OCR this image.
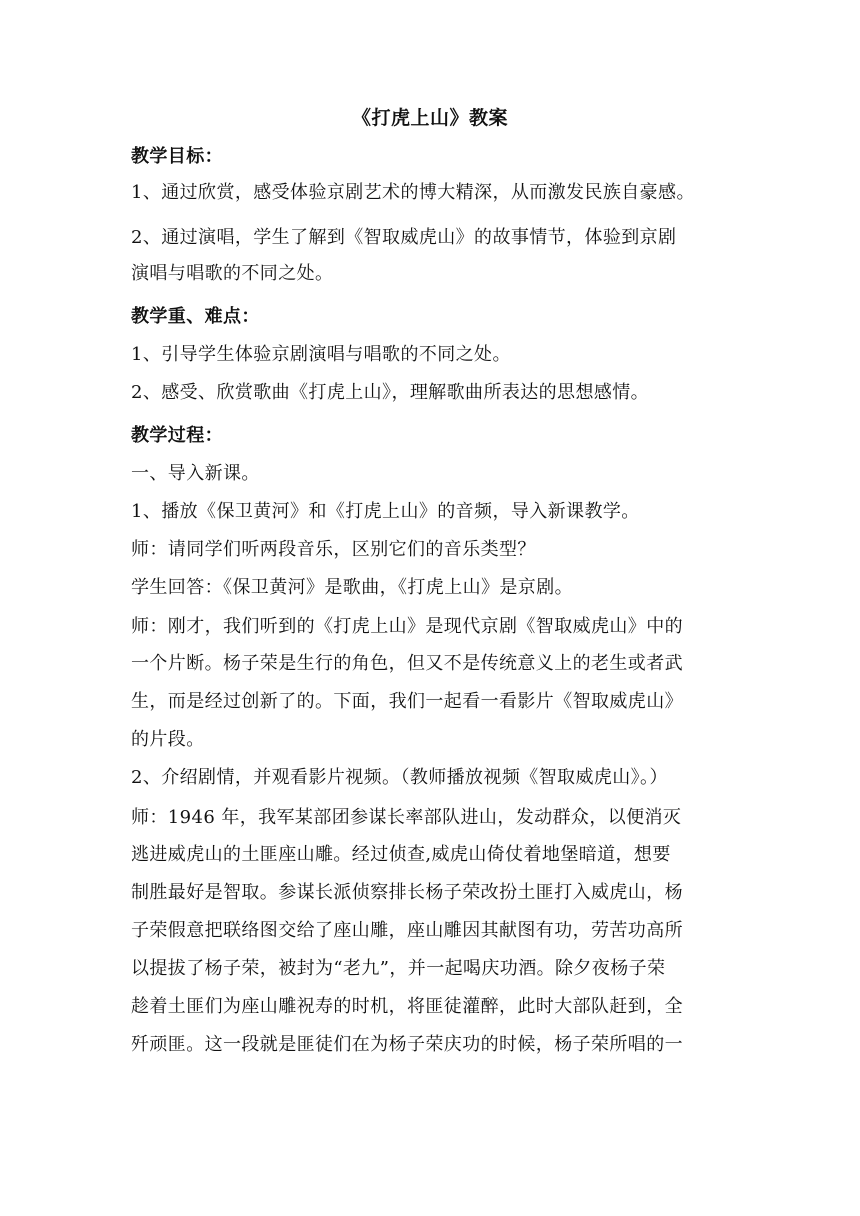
《打虎上山》教案
教学目标：
1、通过欣赏，感受体验京剧艺术的博大精深，从而激发民族自豪感。
2、通过演唱，学生了解到《智取威虎山》的故事情节，体验到京剧
演唱与唱歌的不同之处。
教学重、难点：
1、引导学生体验京剧演唱与唱歌的不同之处。
2、感受、欣赏歌曲《打虎上山》，理解歌曲所表达的思想感情。
教学过程：
一、导入新课。
1、播放《保卫黄河》和《打虎上山》的音频，导入新课教学。
师：请同学们听两段音乐，区别它们的音乐类型？
学生回答：《保卫黄河》是歌曲，《打虎上山》是京剧。
师：刚才，我们听到的《打虎上山》是现代京剧《智取威虎山》中的
一个片断。杨子荣是生行的角色，但又不是传统意义上的老生或者武
生，而是经过创新了的。下面，我们一起看一看影片《智取威虎山》
的片段。
2、介绍剧情，并观看影片视频。（教师播放视频《智取威虎山》。）
师：1946 年，我军某部团参谋长率部队进山，发动群众，以便消灭
逃进威虎山的土匪座山雕。经过侦查,威虎山倚仗着地堡暗道，想要
制胜最好是智取。参谋长派侦察排长杨子荣改扮土匪打入威虎山，杨
子荣假意把联络图交给了座山雕，座山雕因其献图有功，劳苦功高所
以提拔了杨子荣，被封为“老九”，并一起喝庆功酒。除夕夜杨子荣
趁着土匪们为座山雕祝寿的时机，将匪徒灌醉，此时大部队赶到，全
歼顽匪。这一段就是匪徒们在为杨子荣庆功的时候，杨子荣所唱的一
